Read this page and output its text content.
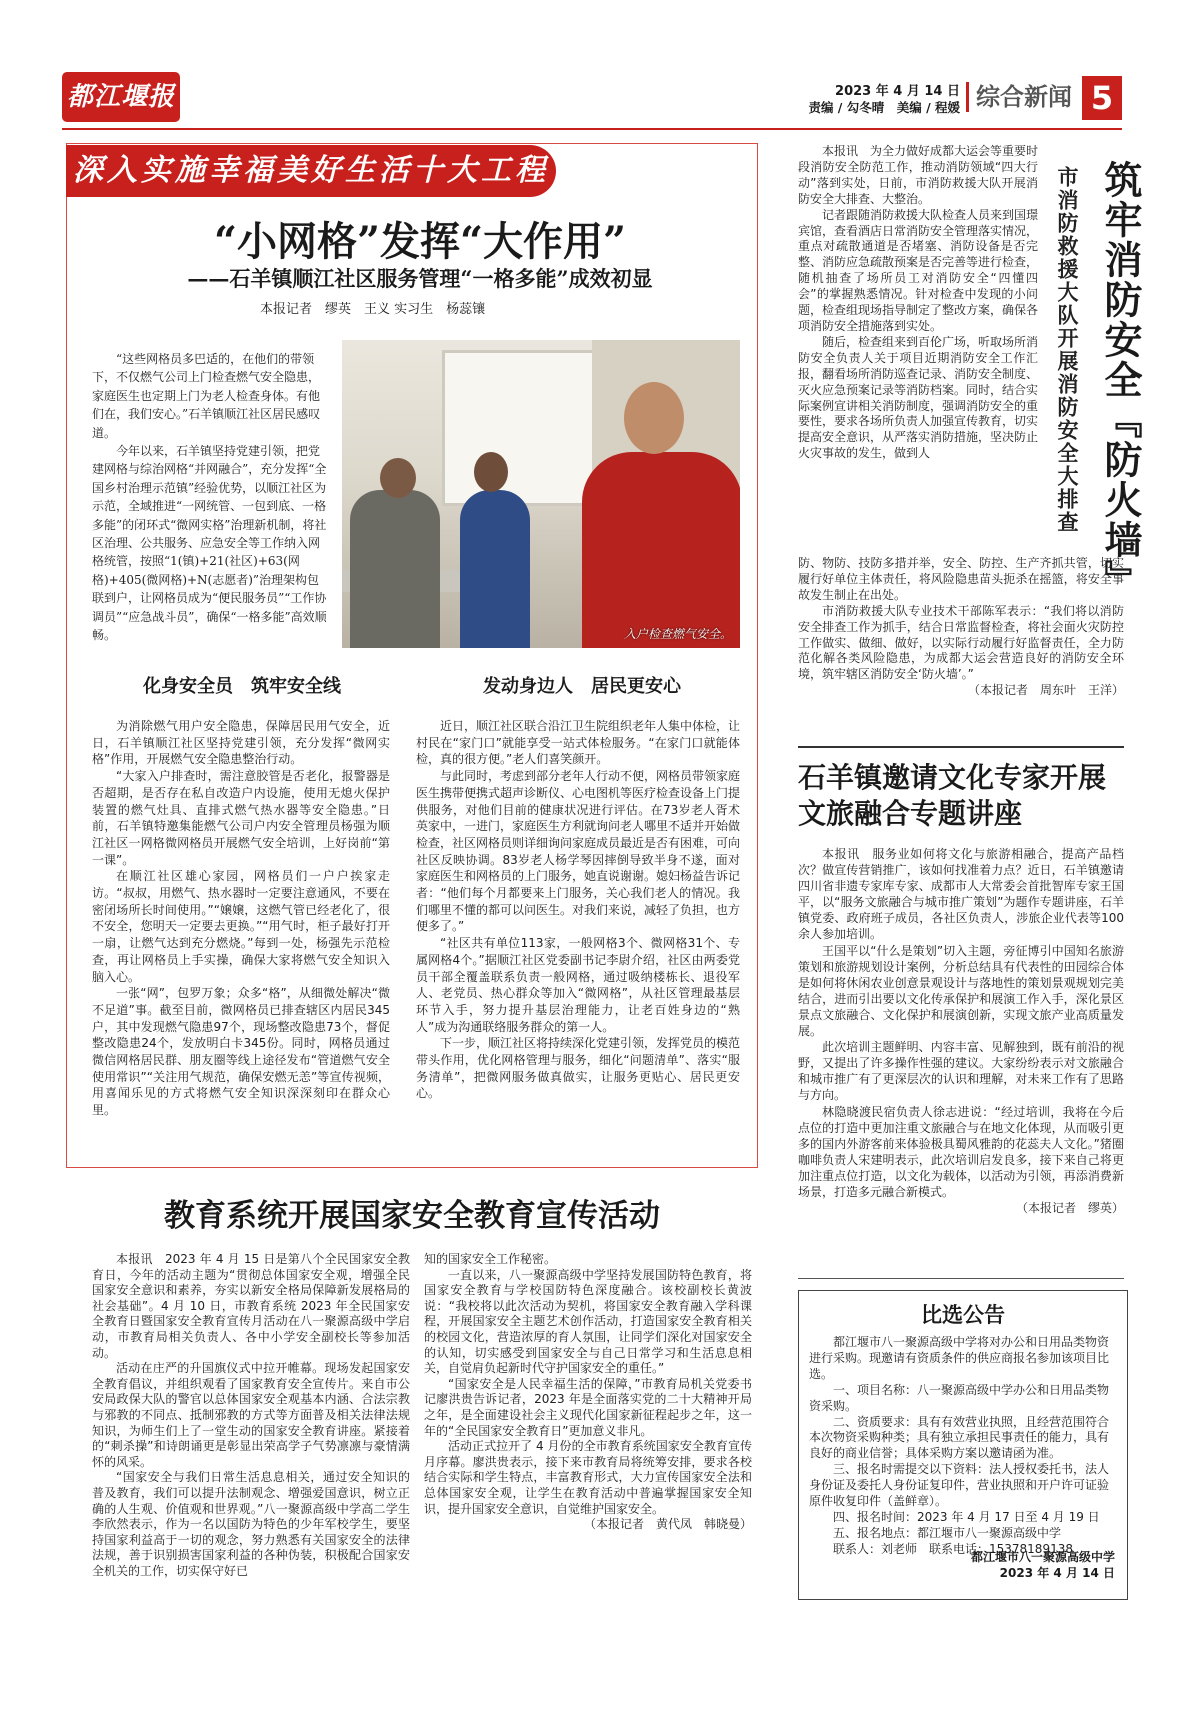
都江堰报	2023 年 4 月 14 日
责编 / 勾冬晴　美编 / 程媛 综合新闻 5
深入实施幸福美好生活十大工程
“小网格”发挥“大作用”
——石羊镇顺江社区服务管理“一格多能”成效初显
本报记者　缪英　王义 实习生　杨蕊镶

“这些网格员多巴适的，在他们的带领下，不仅燃气公司上门检查燃气安全隐患，家庭医生也定期上门为老人检查身体。有他们在，我们安心。”石羊镇顺江社区居民感叹道。

今年以来，石羊镇坚持党建引领，把党建网格与综治网格“并网融合”，充分发挥“全国乡村治理示范镇”经验优势，以顺江社区为示范，全域推进“一网统管、一包到底、一格多能”的闭环式“微网实格”治理新机制，将社区治理、公共服务、应急安全等工作纳入网格统管，按照“1(镇)+21(社区)+63(网格)+405(微网格)+N(志愿者)”治理架构包联到户，让网格员成为“便民服务员”“工作协调员”“应急战斗员”，确保“一格多能”高效顺畅。	入户检查燃气安全。
化身安全员　筑牢安全线	发动身边人　居民更安心

为消除燃气用户安全隐患，保障居民用气安全，近日，石羊镇顺江社区坚持党建引领，充分发挥“微网实格”作用，开展燃气安全隐患整治行动。

“大家入户排查时，需注意胶管是否老化，报警器是否超期，是否存在私自改造户内设施，使用无熄火保护装置的燃气灶具、直排式燃气热水器等安全隐患。”日前，石羊镇特邀集能燃气公司户内安全管理员杨强为顺江社区一网格微网格员开展燃气安全培训，上好岗前“第一课”。

在顺江社区雄心家园，网格员们一户户挨家走访。“叔叔，用燃气、热水器时一定要注意通风，不要在密闭场所长时间使用。”“嬢嬢，这燃气管已经老化了，很不安全，您明天一定要去更换。”“用气时，柜子最好打开一扇，让燃气达到充分燃烧。”每到一处，杨强先示范检查，再让网格员上手实操，确保大家将燃气安全知识入脑入心。

一张“网”，包罗万象；众多“格”，从细微处解决“微不足道”事。截至目前，微网格员已排查辖区内居民345户，其中发现燃气隐患97个，现场整改隐患73个，督促整改隐患24个，发放明白卡345份。同时，网格员通过微信网格居民群、朋友圈等线上途径发布“管道燃气安全使用常识”“关注用气规范，确保安燃无恙”等宣传视频，用喜闻乐见的方式将燃气安全知识深深刻印在群众心里。

近日，顺江社区联合沿江卫生院组织老年人集中体检，让村民在“家门口”就能享受一站式体检服务。“在家门口就能体检，真的很方便。”老人们喜笑颜开。

与此同时，考虑到部分老年人行动不便，网格员带领家庭医生携带便携式超声诊断仪、心电图机等医疗检查设备上门提供服务，对他们目前的健康状况进行评估。在73岁老人胥术英家中，一进门，家庭医生方利就询问老人哪里不适并开始做检查，社区网格员则详细询问家庭成员最近是否有困难，可向社区反映协调。83岁老人杨学琴因摔倒导致半身不遂，面对家庭医生和网格员的上门服务，她直说谢谢。媳妇杨益告诉记者：“他们每个月都要来上门服务，关心我们老人的情况。我们哪里不懂的都可以问医生。对我们来说，减轻了负担，也方便多了。”

“社区共有单位113家，一般网格3个、微网格31个、专属网格4个。”据顺江社区党委副书记李尉介绍，社区由两委党员干部全覆盖联系负责一般网格，通过吸纳楼栋长、退役军人、老党员、热心群众等加入“微网格”，从社区管理最基层环节入手，努力提升基层治理能力，让老百姓身边的“熟人”成为沟通联络服务群众的第一人。

下一步，顺江社区将持续深化党建引领，发挥党员的模范带头作用，优化网格管理与服务，细化“问题清单”、落实“服务清单”，把微网服务做真做实，让服务更贴心、居民更安心。

本报讯　为全力做好成都大运会等重要时段消防安全防范工作，推动消防领域“四大行动”落到实处，日前，市消防救援大队开展消防安全大排查、大整治。

记者跟随消防救援大队检查人员来到国璟宾馆，查看酒店日常消防安全管理落实情况，重点对疏散通道是否堵塞、消防设备是否完整、消防应急疏散预案是否完善等进行检查，随机抽查了场所员工对消防安全“四懂四会”的掌握熟悉情况。针对检查中发现的小问题，检查组现场指导制定了整改方案，确保各项消防安全措施落到实处。

随后，检查组来到百伦广场，听取场所消防安全负责人关于项目近期消防安全工作汇报，翻看场所消防巡查记录、消防安全制度、灭火应急预案记录等消防档案。同时，结合实际案例宣讲相关消防制度，强调消防安全的重要性，要求各场所负责人加强宣传教育，切实提高安全意识，从严落实消防措施，坚决防止火灾事故的发生，做到人	筑牢消防安全『防火墙』
市消防救援大队开展消防安全大排查

防、物防、技防多措并举，安全、防控、生产齐抓共管，切实履行好单位主体责任，将风险隐患苗头扼杀在摇篮，将安全事故发生制止在出处。

市消防救援大队专业技术干部陈军表示：“我们将以消防安全排查工作为抓手，结合日常监督检查，将社会面火灾防控工作做实、做细、做好，以实际行动履行好监督责任，全力防范化解各类风险隐患，为成都大运会营造良好的消防安全环境，筑牢辖区消防安全‘防火墙’。”

（本报记者　周东叶　王洋）

石羊镇邀请文化专家开展文旅融合专题讲座

本报讯　服务业如何将文化与旅游相融合，提高产品档次？做宣传营销推广，该如何找准着力点？近日，石羊镇邀请四川省非遗专家库专家、成都市人大常委会首批智库专家王国平，以“服务文旅融合与城市推广策划”为题作专题讲座，石羊镇党委、政府班子成员，各社区负责人，涉旅企业代表等100余人参加培训。

王国平以“什么是策划”切入主题，旁征博引中国知名旅游策划和旅游规划设计案例，分析总结具有代表性的田园综合体是如何将休闲农业创意景观设计与落地性的策划景观规划完美结合，进而引出要以文化传承保护和展演工作入手，深化景区景点文旅融合、文化保护和展演创新，实现文旅产业高质量发展。

此次培训主题鲜明、内容丰富、见解独到，既有前沿的视野，又提出了许多操作性强的建议。大家纷纷表示对文旅融合和城市推广有了更深层次的认识和理解，对未来工作有了思路与方向。

林隐晓渡民宿负责人徐志进说：“经过培训，我将在今后点位的打造中更加注重文旅融合与在地文化体现，从而吸引更多的国内外游客前来体验极具蜀风雅韵的花蕊夫人文化。”猪圈咖啡负责人宋建明表示，此次培训启发良多，接下来自己将更加注重点位打造，以文化为载体，以活动为引领，再添消费新场景，打造多元融合新模式。

（本报记者　缪英）

比选公告

都江堰市八一聚源高级中学将对办公和日用品类物资进行采购。现邀请有资质条件的供应商报名参加该项目比选。

一、项目名称：八一聚源高级中学办公和日用品类物资采购。

二、资质要求：具有有效营业执照，且经营范围符合本次物资采购种类；具有独立承担民事责任的能力，具有良好的商业信誉；具体采购方案以邀请函为准。

三、报名时需提交以下资料：法人授权委托书，法人身份证及委托人身份证复印件，营业执照和开户许可证验原件收复印件（盖鲜章）。

四、报名时间：2023 年 4 月 17 日至 4 月 19 日

五、报名地点：都江堰市八一聚源高级中学

联系人：刘老师　联系电话：15378189138

都江堰市八一聚源高级中学
2023 年 4 月 14 日
教育系统开展国家安全教育宣传活动

本报讯　2023 年 4 月 15 日是第八个全民国家安全教育日，今年的活动主题为“贯彻总体国家安全观，增强全民国家安全意识和素养，夯实以新安全格局保障新发展格局的社会基础”。4 月 10 日，市教育系统 2023 年全民国家安全教育日暨国家安全教育宣传月活动在八一聚源高级中学启动，市教育局相关负责人、各中小学安全副校长等参加活动。

活动在庄严的升国旗仪式中拉开帷幕。现场发起国家安全教育倡议，并组织观看了国家教育安全宣传片。来自市公安局政保大队的警官以总体国家安全观基本内涵、合法宗教与邪教的不同点、抵制邪教的方式等方面普及相关法律法规知识，为师生们上了一堂生动的国家安全教育讲座。紧接着的“刺杀操”和诗朗诵更是彰显出荣高学子气势凛凛与豪情满怀的风采。

“国家安全与我们日常生活息息相关，通过安全知识的普及教育，我们可以提升法制观念、增强爱国意识，树立正确的人生观、价值观和世界观。”八一聚源高级中学高二学生李欣然表示，作为一名以国防为特色的少年军校学生，要坚持国家利益高于一切的观念，努力熟悉有关国家安全的法律法规，善于识别损害国家利益的各种伪装，积极配合国家安全机关的工作，切实保守好已

知的国家安全工作秘密。

一直以来，八一聚源高级中学坚持发展国防特色教育，将国家安全教育与学校国防特色深度融合。该校副校长黄波说：“我校将以此次活动为契机，将国家安全教育融入学科课程，开展国家安全主题艺术创作活动，打造国家安全教育相关的校园文化，营造浓厚的育人氛围，让同学们深化对国家安全的认知，切实感受到国家安全与自己日常学习和生活息息相关，自觉肩负起新时代守护国家安全的重任。”

“国家安全是人民幸福生活的保障，”市教育局机关党委书记廖洪贵告诉记者，2023 年是全面落实党的二十大精神开局之年，是全面建设社会主义现代化国家新征程起步之年，这一年的“全民国家安全教育日”更加意义非凡。

活动正式拉开了 4 月份的全市教育系统国家安全教育宣传月序幕。廖洪贵表示，接下来市教育局将统筹安排，要求各校结合实际和学生特点，丰富教育形式，大力宣传国家安全法和总体国家安全观，让学生在教育活动中普遍掌握国家安全知识，提升国家安全意识，自觉维护国家安全。

（本报记者　黄代凤　韩晓曼）
